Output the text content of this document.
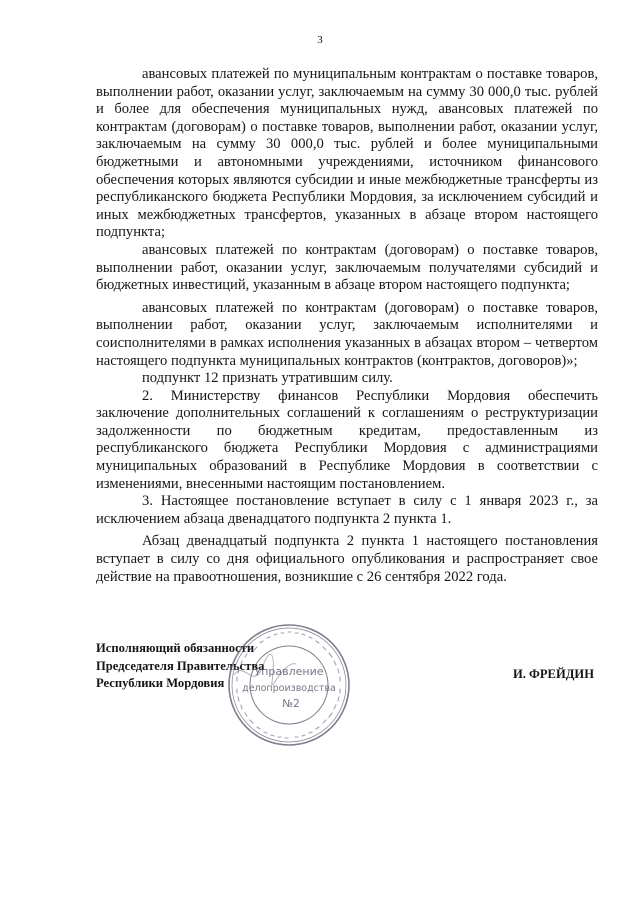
3

авансовых платежей по муниципальным контрактам о поставке товаров, выполнении работ, оказании услуг, заключаемым на сумму 30 000,0 тыс. рублей и более для обеспечения муниципальных нужд, авансовых платежей по контрактам (договорам) о поставке товаров, выполнении работ, оказании услуг, заключаемым на сумму 30 000,0 тыс. рублей и более муниципальными бюджетными и автономными учреждениями, источником финансового обеспечения которых являются субсидии и иные межбюджетные трансферты из республиканского бюджета Республики Мордовия, за исключением субсидий и иных межбюджетных трансфертов, указанных в абзаце втором настоящего подпункта;

авансовых платежей по контрактам (договорам) о поставке товаров, выполнении работ, оказании услуг, заключаемым получателями субсидий и бюджетных инвестиций, указанным в абзаце втором настоящего подпункта;

авансовых платежей по контрактам (договорам) о поставке товаров, выполнении работ, оказании услуг, заключаемым исполнителями и соисполнителями в рамках исполнения указанных в абзацах втором – четвертом настоящего подпункта муниципальных контрактов (контрактов, договоров)»;

подпункт 12 признать утратившим силу.

2. Министерству финансов Республики Мордовия обеспечить заключение дополнительных соглашений к соглашениям о реструктуризации задолженности по бюджетным кредитам, предоставленным из республиканского бюджета Республики Мордовия с администрациями муниципальных образований в Республике Мордовия в соответствии с изменениями, внесенными настоящим постановлением.

3. Настоящее постановление вступает в силу с 1 января 2023 г., за исключением абзаца двенадцатого подпункта 2 пункта 1.

Абзац двенадцатый подпункта 2 пункта 1 настоящего постановления вступает в силу со дня официального опубликования и распространяет свое действие на правоотношения, возникшие с 26 сентября 2022 года.

Исполняющий обязанности
Председателя Правительства
Республики Мордовия
Управление
делопроизводства
№2
И. ФРЕЙДИН
